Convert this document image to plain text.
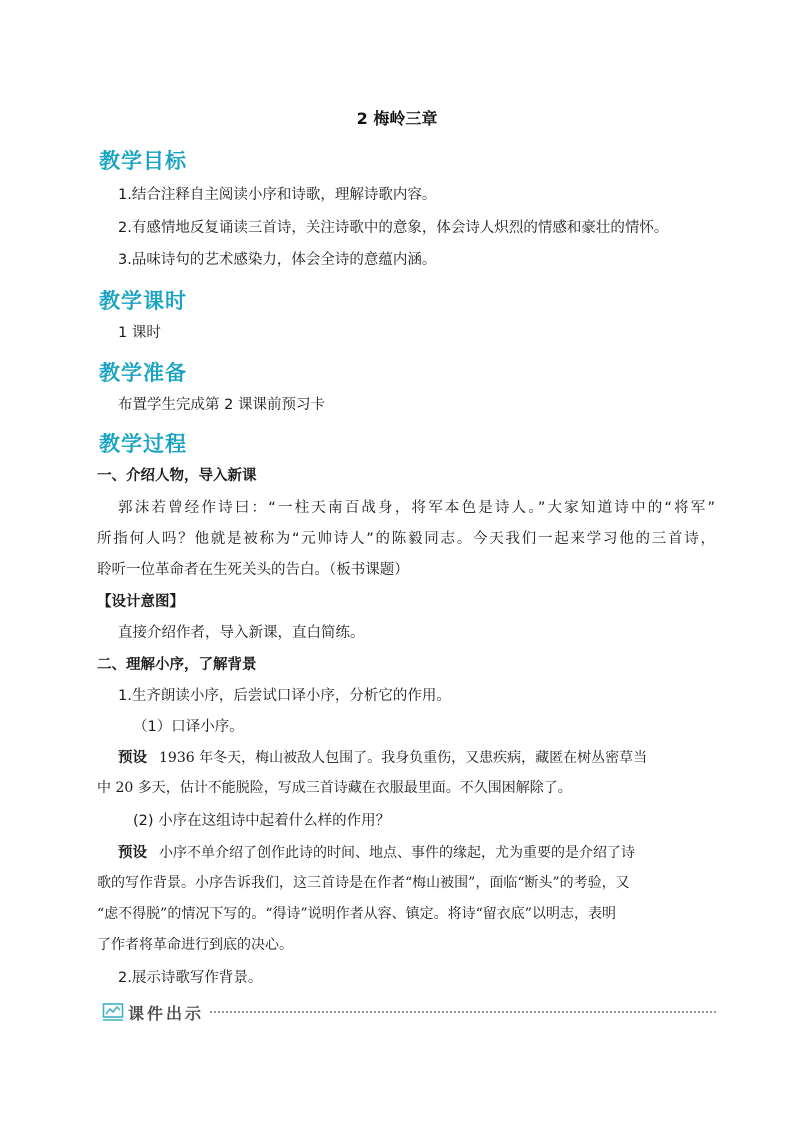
2 梅岭三章
教学目标
1.结合注释自主阅读小序和诗歌，理解诗歌内容。
2.有感情地反复诵读三首诗，关注诗歌中的意象，体会诗人炽烈的情感和豪壮的情怀。
3.品味诗句的艺术感染力，体会全诗的意蕴内涵。
教学课时
1 课时
教学准备
布置学生完成第 2 课课前预习卡
教学过程
一、介绍人物，导入新课
郭沫若曾经作诗曰：“一柱天南百战身，将军本色是诗人。”大家知道诗中的“将军”
所指何人吗？他就是被称为“元帅诗人”的陈毅同志。今天我们一起来学习他的三首诗，
聆听一位革命者在生死关头的告白。（板书课题）
【设计意图】
直接介绍作者，导入新课，直白简练。
二、理解小序，了解背景
1.生齐朗读小序，后尝试口译小序，分析它的作用。
（1）口译小序。
预设 1936 年冬天，梅山被敌人包围了。我身负重伤，又患疾病，藏匿在树丛密草当
中 20 多天，估计不能脱险，写成三首诗藏在衣服最里面。不久围困解除了。
(2) 小序在这组诗中起着什么样的作用？
预设 小序不单介绍了创作此诗的时间、地点、事件的缘起，尤为重要的是介绍了诗
歌的写作背景。小序告诉我们，这三首诗是在作者“梅山被围”，面临“断头”的考验，又
“虑不得脱”的情况下写的。“得诗”说明作者从容、镇定。将诗“留衣底”以明志，表明
了作者将革命进行到底的决心。
2.展示诗歌写作背景。
课件出示
